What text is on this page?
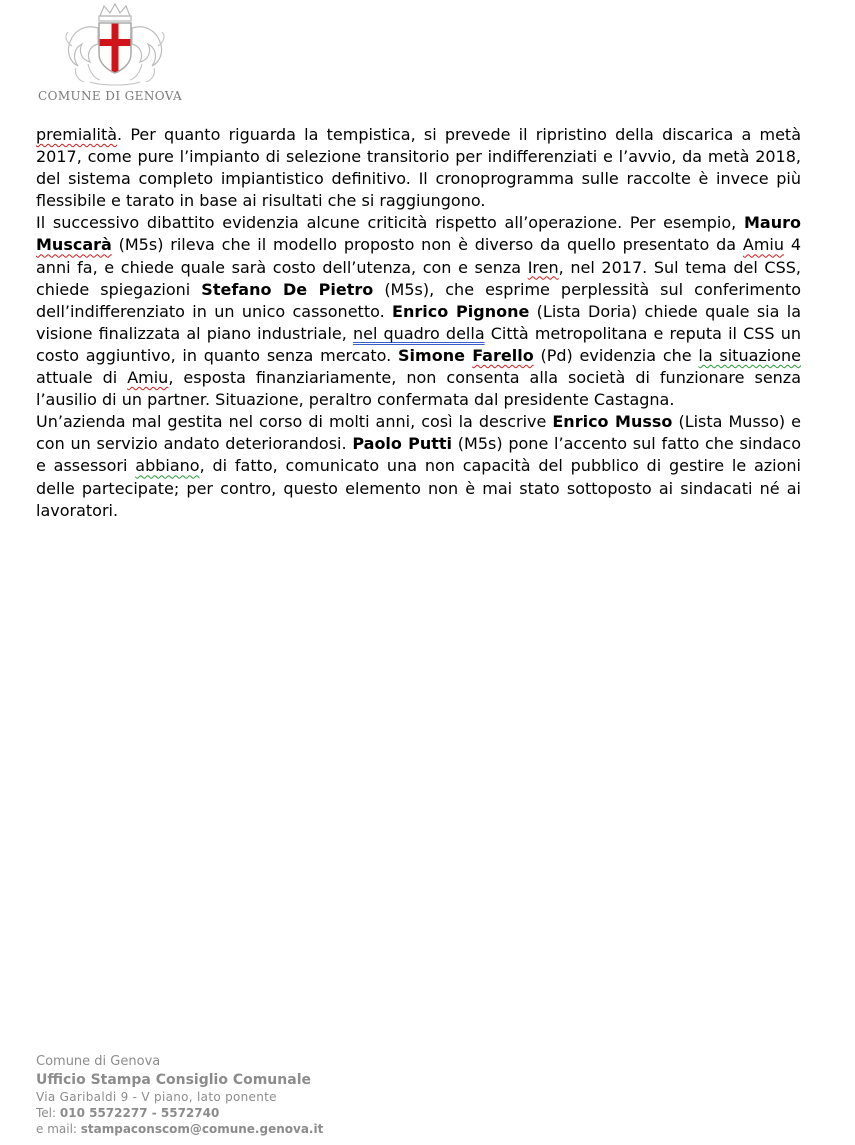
COMUNE DI GENOVA

premialità. Per quanto riguarda la tempistica, si prevede il ripristino della discarica a metà 2017, come pure l’impianto di selezione transitorio per indifferenziati e l’avvio, da metà 2018, del sistema completo impiantistico definitivo. Il cronoprogramma sulle raccolte è invece più flessibile e tarato in base ai risultati che si raggiungono.

Il successivo dibattito evidenzia alcune criticità rispetto all’operazione. Per esempio, Mauro Muscarà (M5s) rileva che il modello proposto non è diverso da quello presentato da Amiu 4 anni fa, e chiede quale sarà costo dell’utenza, con e senza Iren, nel 2017. Sul tema del CSS, chiede spiegazioni Stefano De Pietro (M5s), che esprime perplessità sul conferimento dell’indifferenziato in un unico cassonetto. Enrico Pignone (Lista Doria) chiede quale sia la visione finalizzata al piano industriale, nel quadro della Città metropolitana e reputa il CSS un costo aggiuntivo, in quanto senza mercato. Simone Farello (Pd) evidenzia che la situazione attuale di Amiu, esposta finanziariamente, non consenta alla società di funzionare senza l’ausilio di un partner. Situazione, peraltro confermata dal presidente Castagna.

Un’azienda mal gestita nel corso di molti anni, così la descrive Enrico Musso (Lista Musso) e con un servizio andato deteriorandosi. Paolo Putti (M5s) pone l’accento sul fatto che sindaco e assessori abbiano, di fatto, comunicato una non capacità del pubblico di gestire le azioni delle partecipate; per contro, questo elemento non è mai stato sottoposto ai sindacati né ai lavoratori.

Comune di Genova
Ufficio Stampa Consiglio Comunale
Via Garibaldi 9 - V piano, lato ponente
Tel: 010 5572277 - 5572740
e mail: stampaconscom@comune.genova.it
